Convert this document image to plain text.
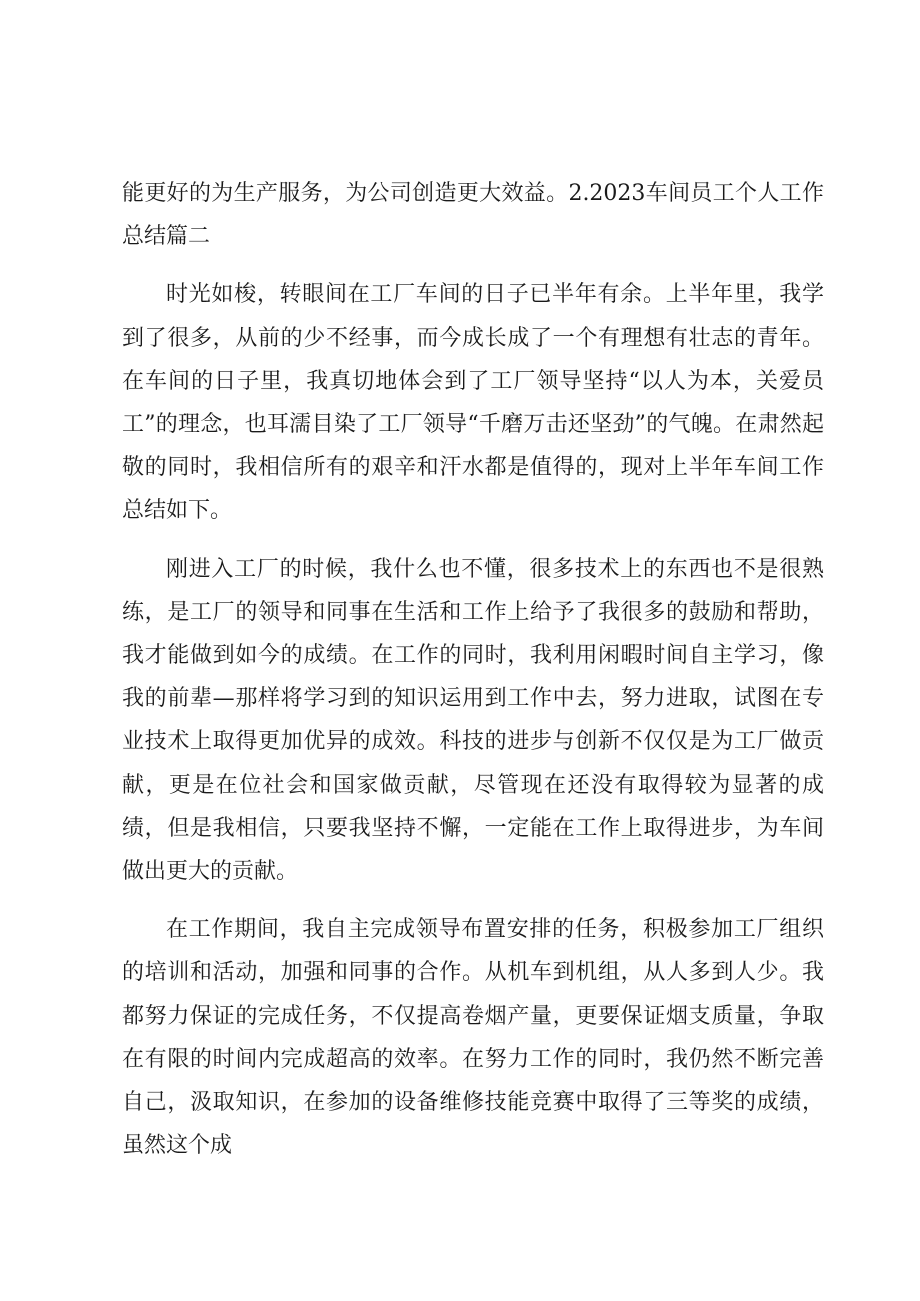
能更好的为生产服务，为公司创造更大效益。2.2023车间员工个人工作总结篇二

时光如梭，转眼间在工厂车间的日子已半年有余。上半年里，我学到了很多，从前的少不经事，而今成长成了一个有理想有壮志的青年。在车间的日子里，我真切地体会到了工厂领导坚持“以人为本，关爱员工”的理念，也耳濡目染了工厂领导“千磨万击还坚劲”的气魄。在肃然起敬的同时，我相信所有的艰辛和汗水都是值得的，现对上半年车间工作总结如下。

刚进入工厂的时候，我什么也不懂，很多技术上的东西也不是很熟练，是工厂的领导和同事在生活和工作上给予了我很多的鼓励和帮助，我才能做到如今的成绩。在工作的同时，我利用闲暇时间自主学习，像我的前辈—那样将学习到的知识运用到工作中去，努力进取，试图在专业技术上取得更加优异的成效。科技的进步与创新不仅仅是为工厂做贡献，更是在位社会和国家做贡献，尽管现在还没有取得较为显著的成绩，但是我相信，只要我坚持不懈，一定能在工作上取得进步，为车间做出更大的贡献。

在工作期间，我自主完成领导布置安排的任务，积极参加工厂组织的培训和活动，加强和同事的合作。从机车到机组，从人多到人少。我都努力保证的完成任务，不仅提高卷烟产量，更要保证烟支质量，争取在有限的时间内完成超高的效率。在努力工作的同时，我仍然不断完善自己，汲取知识，在参加的设备维修技能竞赛中取得了三等奖的成绩，虽然这个成
